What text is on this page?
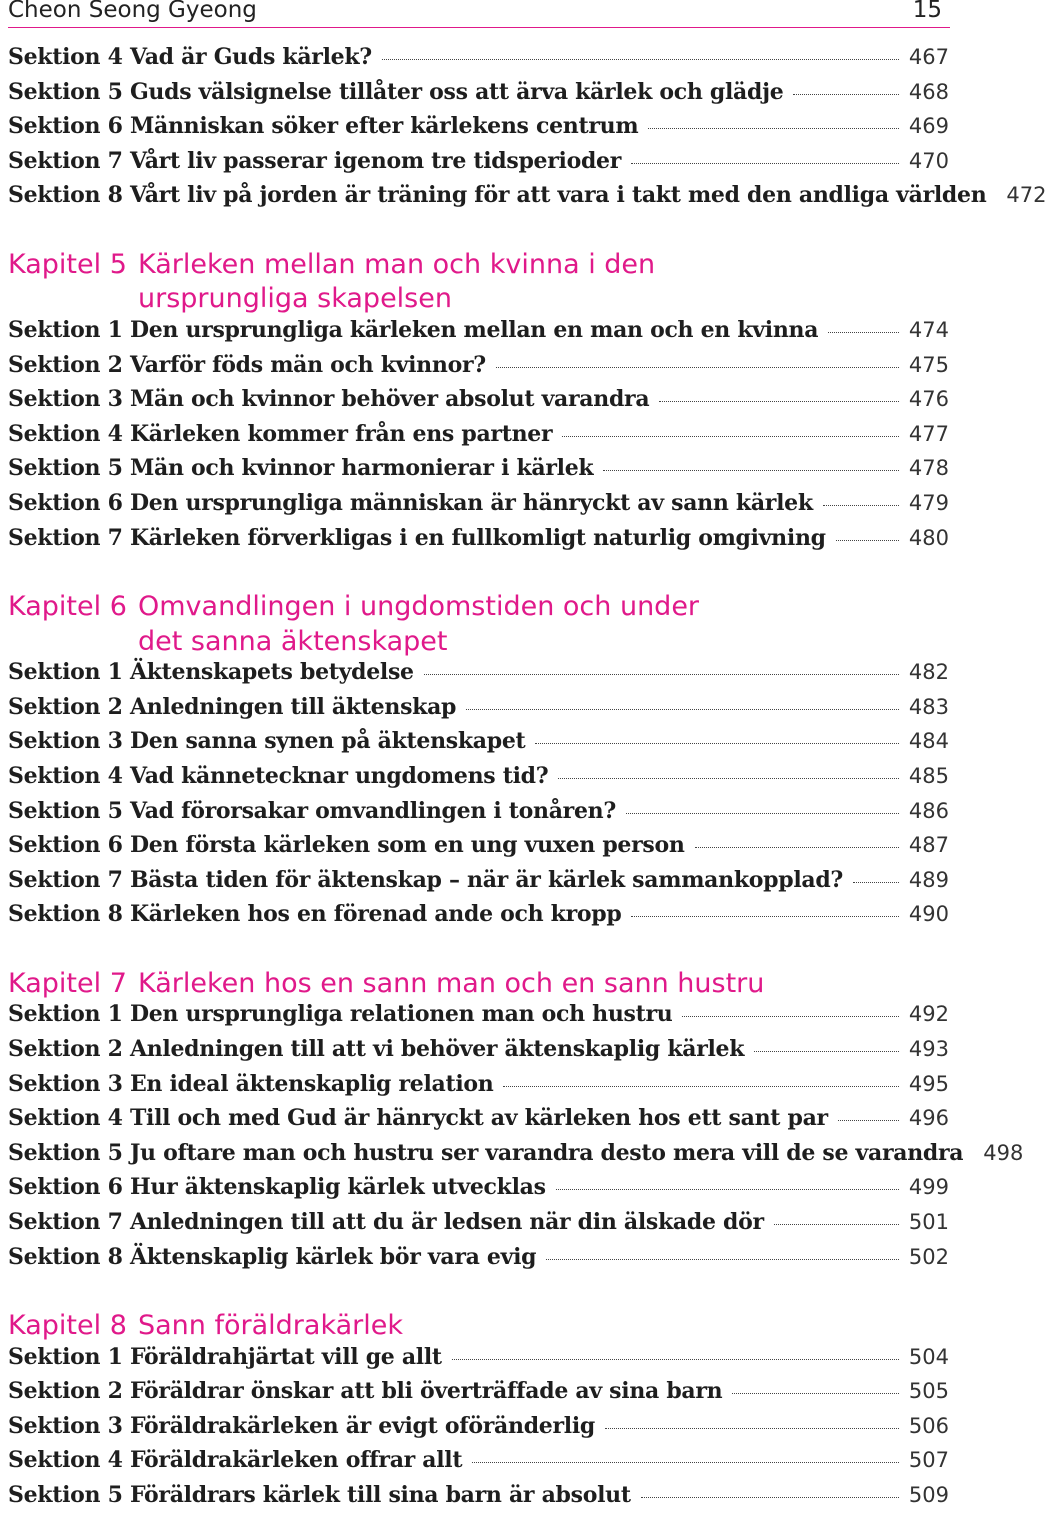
Cheon Seong Gyeong	15
Sektion 4 Vad är Guds kärlek?	467
Sektion 5 Guds välsignelse tillåter oss att ärva kärlek och glädje	468
Sektion 6 Människan söker efter kärlekens centrum	469
Sektion 7 Vårt liv passerar igenom tre tidsperioder	470
Sektion 8 Vårt liv på jorden är träning för att vara i takt med den andliga världen 472
Kapitel 5 Kärleken mellan man och kvinna i den
ursprungliga skapelsen
Sektion 1 Den ursprungliga kärleken mellan en man och en kvinna	474
Sektion 2 Varför föds män och kvinnor?	475
Sektion 3 Män och kvinnor behöver absolut varandra	476
Sektion 4 Kärleken kommer från ens partner	477
Sektion 5 Män och kvinnor harmonierar i kärlek	478
Sektion 6 Den ursprungliga människan är hänryckt av sann kärlek	479
Sektion 7 Kärleken förverkligas i en fullkomligt naturlig omgivning	480
Kapitel 6 Omvandlingen i ungdomstiden och under
det sanna äktenskapet
Sektion 1 Äktenskapets betydelse	482
Sektion 2 Anledningen till äktenskap	483
Sektion 3 Den sanna synen på äktenskapet	484
Sektion 4 Vad kännetecknar ungdomens tid?	485
Sektion 5 Vad förorsakar omvandlingen i tonåren?	486
Sektion 6 Den första kärleken som en ung vuxen person	487
Sektion 7 Bästa tiden för äktenskap – när är kärlek sammankopplad?	489
Sektion 8 Kärleken hos en förenad ande och kropp	490
Kapitel 7 Kärleken hos en sann man och en sann hustru
Sektion 1 Den ursprungliga relationen man och hustru	492
Sektion 2 Anledningen till att vi behöver äktenskaplig kärlek	493
Sektion 3 En ideal äktenskaplig relation	495
Sektion 4 Till och med Gud är hänryckt av kärleken hos ett sant par	496
Sektion 5 Ju oftare man och hustru ser varandra desto mera vill de se varandra 498
Sektion 6 Hur äktenskaplig kärlek utvecklas	499
Sektion 7 Anledningen till att du är ledsen när din älskade dör	501
Sektion 8 Äktenskaplig kärlek bör vara evig	502
Kapitel 8 Sann föräldrakärlek
Sektion 1 Föräldrahjärtat vill ge allt	504
Sektion 2 Föräldrar önskar att bli överträffade av sina barn	505
Sektion 3 Föräldrakärleken är evigt oföränderlig	506
Sektion 4 Föräldrakärleken offrar allt	507
Sektion 5 Föräldrars kärlek till sina barn är absolut	509
